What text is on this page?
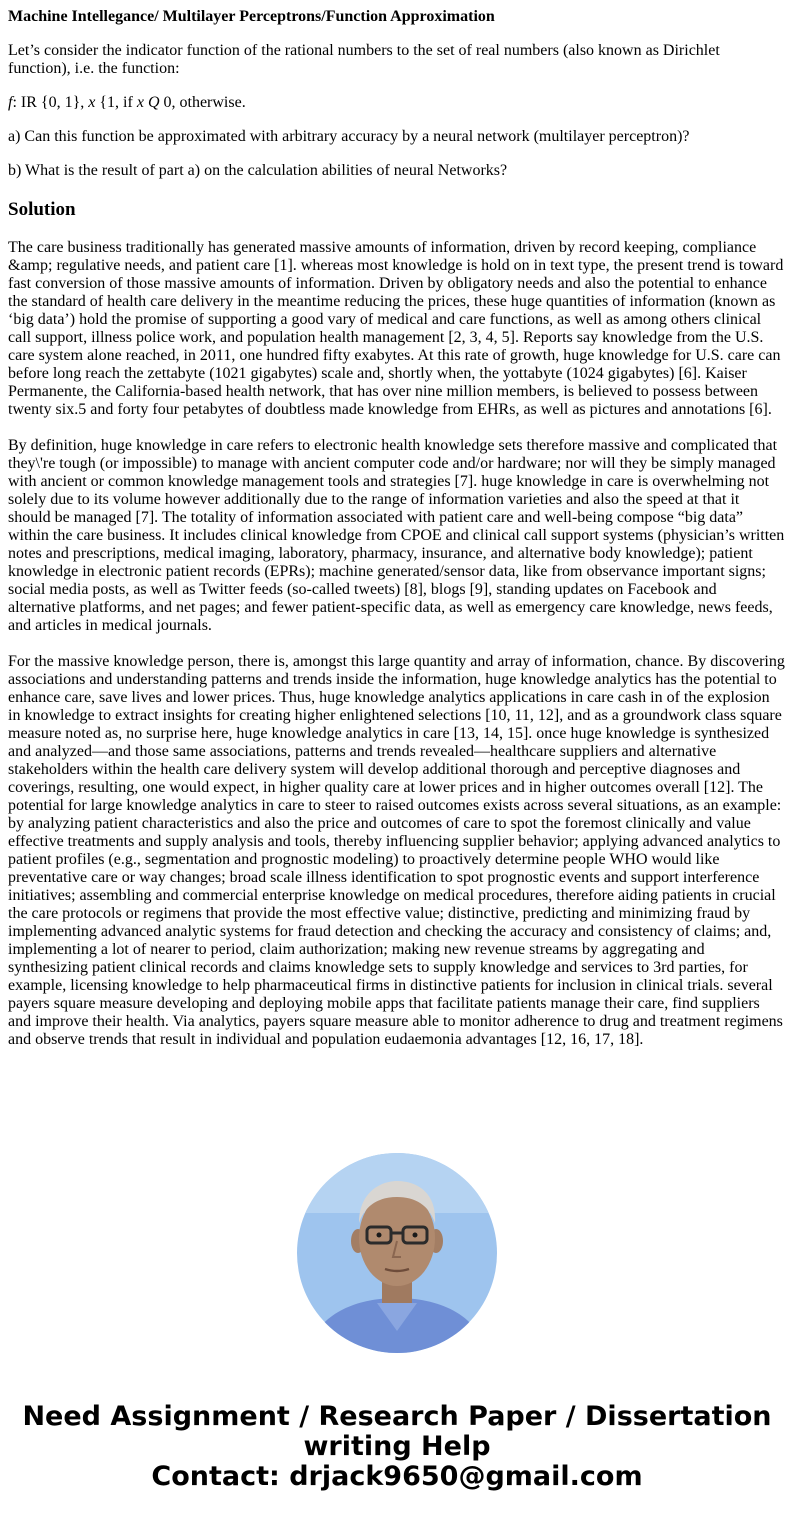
Machine Intellegance/ Multilayer Perceptrons/Function Approximation

Let’s consider the indicator function of the rational numbers to the set of real numbers (also known as Dirichlet function), i.e. the function:

f: IR {0, 1}, x {1, if x Q 0, otherwise.

a) Can this function be approximated with arbitrary accuracy by a neural network (multilayer perceptron)?

b) What is the result of part a) on the calculation abilities of neural Networks?

Solution

The care business traditionally has generated massive amounts of information, driven by record keeping, compliance &amp; regulative needs, and patient care [1]. whereas most knowledge is hold on in text type, the present trend is toward fast conversion of those massive amounts of information. Driven by obligatory needs and also the potential to enhance the standard of health care delivery in the meantime reducing the prices, these huge quantities of information (known as ‘big data’) hold the promise of supporting a good vary of medical and care functions, as well as among others clinical call support, illness police work, and population health management [2, 3, 4, 5]. Reports say knowledge from the U.S. care system alone reached, in 2011, one hundred fifty exabytes. At this rate of growth, huge knowledge for U.S. care can before long reach the zettabyte (1021 gigabytes) scale and, shortly when, the yottabyte (1024 gigabytes) [6]. Kaiser Permanente, the California-based health network, that has over nine million members, is believed to possess between twenty six.5 and forty four petabytes of doubtless made knowledge from EHRs, as well as pictures and annotations [6].

By definition, huge knowledge in care refers to electronic health knowledge sets therefore massive and complicated that they\'re tough (or impossible) to manage with ancient computer code and/or hardware; nor will they be simply managed with ancient or common knowledge management tools and strategies [7]. huge knowledge in care is overwhelming not solely due to its volume however additionally due to the range of information varieties and also the speed at that it should be managed [7]. The totality of information associated with patient care and well-being compose “big data” within the care business. It includes clinical knowledge from CPOE and clinical call support systems (physician’s written notes and prescriptions, medical imaging, laboratory, pharmacy, insurance, and alternative body knowledge); patient knowledge in electronic patient records (EPRs); machine generated/sensor data, like from observance important signs; social media posts, as well as Twitter feeds (so-called tweets) [8], blogs [9], standing updates on Facebook and alternative platforms, and net pages; and fewer patient-specific data, as well as emergency care knowledge, news feeds, and articles in medical journals.

For the massive knowledge person, there is, amongst this large quantity and array of information, chance. By discovering associations and understanding patterns and trends inside the information, huge knowledge analytics has the potential to enhance care, save lives and lower prices. Thus, huge knowledge analytics applications in care cash in of the explosion in knowledge to extract insights for creating higher enlightened selections [10, 11, 12], and as a groundwork class square measure noted as, no surprise here, huge knowledge analytics in care [13, 14, 15]. once huge knowledge is synthesized and analyzed—and those same associations, patterns and trends revealed—healthcare suppliers and alternative stakeholders within the health care delivery system will develop additional thorough and perceptive diagnoses and coverings, resulting, one would expect, in higher quality care at lower prices and in higher outcomes overall [12]. The potential for large knowledge analytics in care to steer to raised outcomes exists across several situations, as an example: by analyzing patient characteristics and also the price and outcomes of care to spot the foremost clinically and value effective treatments and supply analysis and tools, thereby influencing supplier behavior; applying advanced analytics to patient profiles (e.g., segmentation and prognostic modeling) to proactively determine people WHO would like preventative care or way changes; broad scale illness identification to spot prognostic events and support interference initiatives; assembling and commercial enterprise knowledge on medical procedures, therefore aiding patients in crucial the care protocols or regimens that provide the most effective value; distinctive, predicting and minimizing fraud by implementing advanced analytic systems for fraud detection and checking the accuracy and consistency of claims; and, implementing a lot of nearer to period, claim authorization; making new revenue streams by aggregating and synthesizing patient clinical records and claims knowledge sets to supply knowledge and services to 3rd parties, for example, licensing knowledge to help pharmaceutical firms in distinctive patients for inclusion in clinical trials. several payers square measure developing and deploying mobile apps that facilitate patients manage their care, find suppliers and improve their health. Via analytics, payers square measure able to monitor adherence to drug and treatment regimens and observe trends that result in individual and population eudaemonia advantages [12, 16, 17, 18].

Need Assignment / Research Paper / Dissertation
writing Help
Contact: drjack9650@gmail.com
